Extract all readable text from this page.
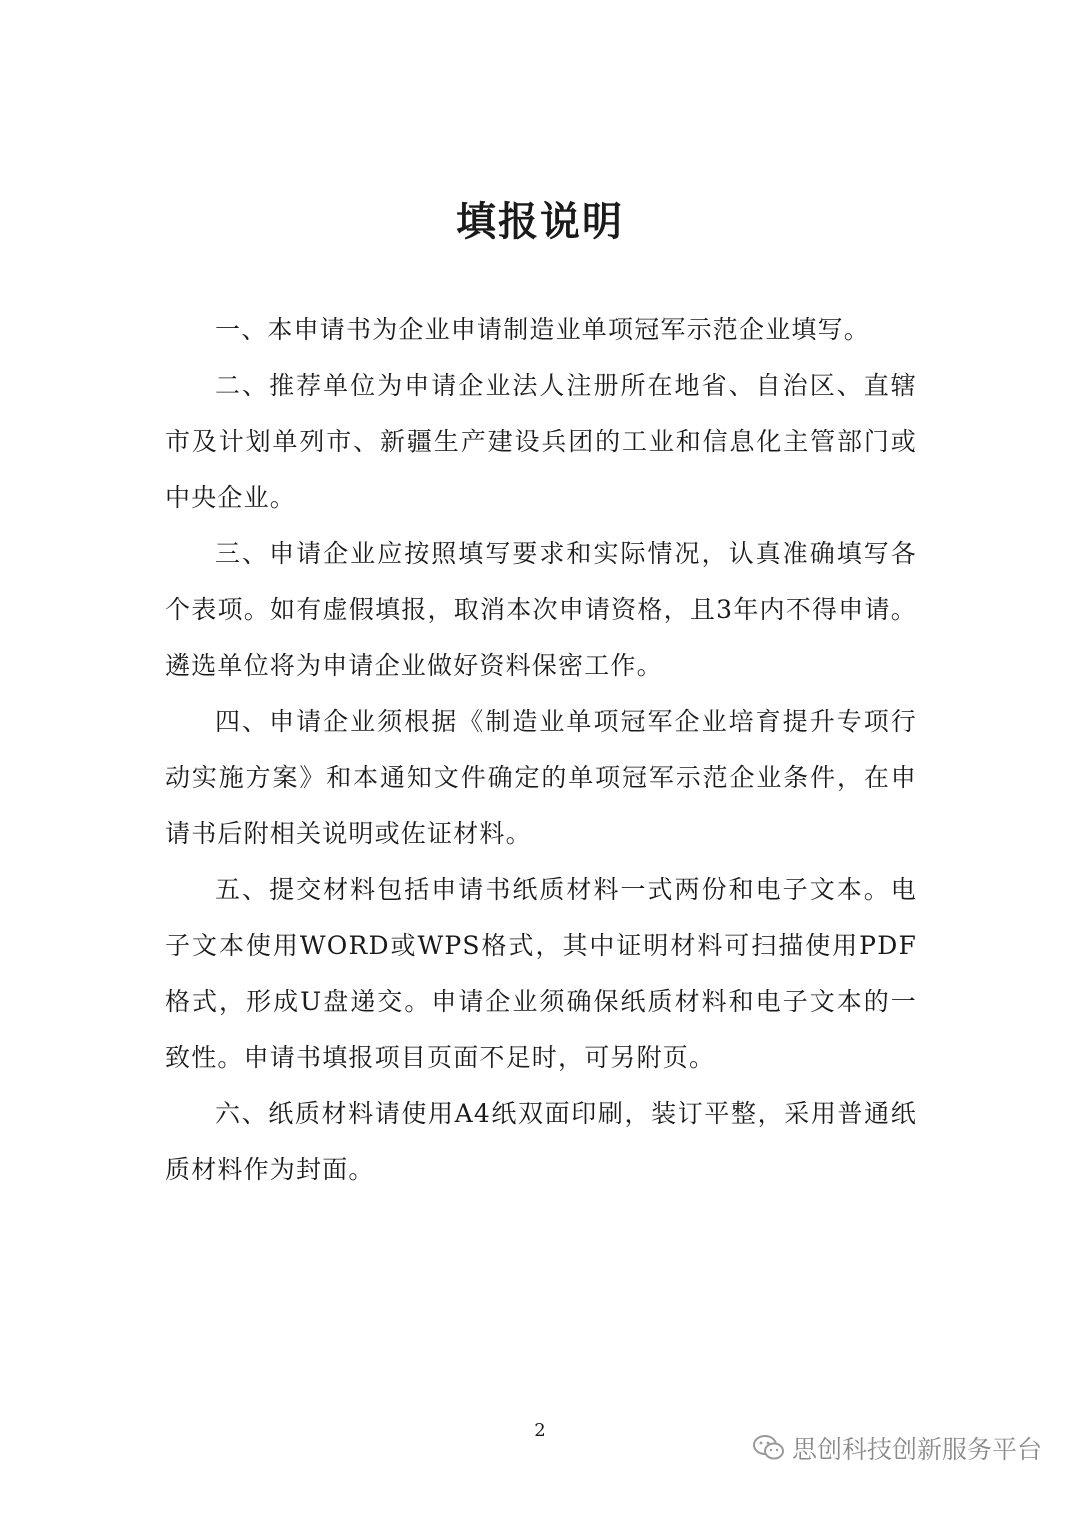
填报说明

一、本申请书为企业申请制造业单项冠军示范企业填写。

二、推荐单位为申请企业法人注册所在地省、自治区、直辖市及计划单列市、新疆生产建设兵团的工业和信息化主管部门或中央企业。

三、申请企业应按照填写要求和实际情况，认真准确填写各个表项。如有虚假填报，取消本次申请资格，且3年内不得申请。遴选单位将为申请企业做好资料保密工作。

四、申请企业须根据《制造业单项冠军企业培育提升专项行动实施方案》和本通知文件确定的单项冠军示范企业条件，在申请书后附相关说明或佐证材料。

五、提交材料包括申请书纸质材料一式两份和电子文本。电子文本使用WORD或WPS格式，其中证明材料可扫描使用PDF格式，形成U盘递交。申请企业须确保纸质材料和电子文本的一致性。申请书填报项目页面不足时，可另附页。

六、纸质材料请使用A4纸双面印刷，装订平整，采用普通纸质材料作为封面。

2
思创科技创新服务平台
